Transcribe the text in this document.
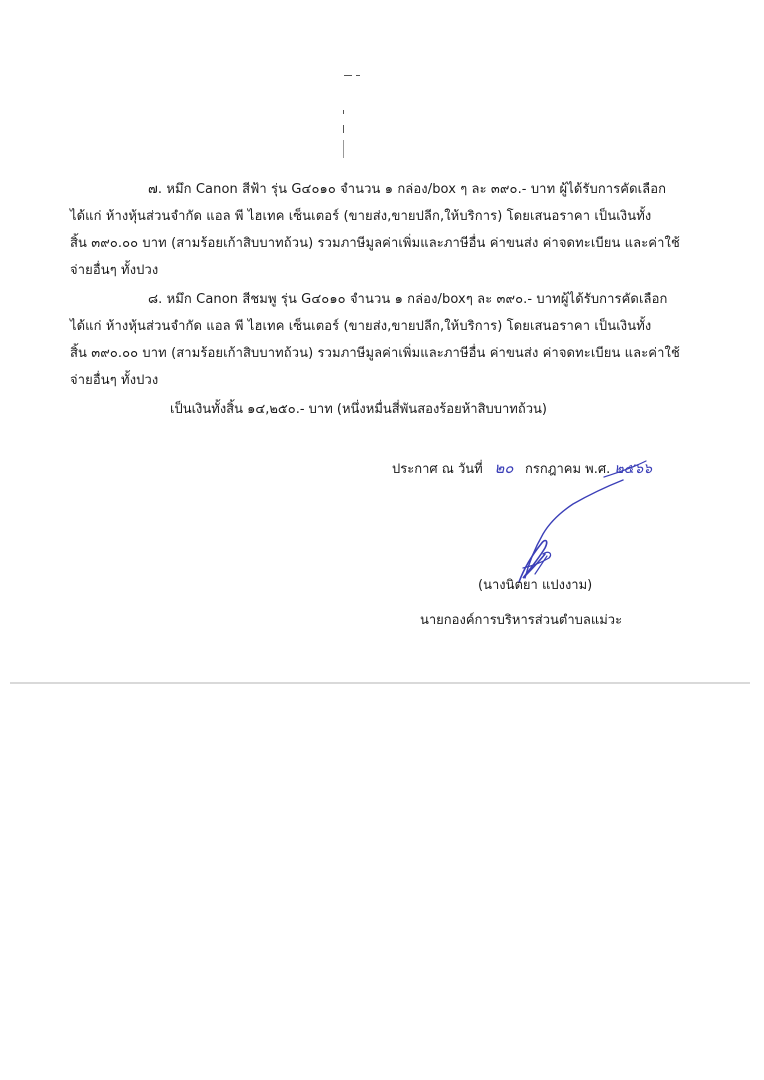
๗. หมึก Canon สีฟ้า รุ่น G๔๐๑๐ จำนวน ๑ กล่อง/box ๆ ละ ๓๙๐.- บาท ผู้ได้รับการคัดเลือก
ได้แก่ ห้างหุ้นส่วนจำกัด แอล พี ไฮเทค เซ็นเตอร์ (ขายส่ง,ขายปลีก,ให้บริการ) โดยเสนอราคา เป็นเงินทั้ง
สิ้น ๓๙๐.๐๐ บาท (สามร้อยเก้าสิบบาทถ้วน) รวมภาษีมูลค่าเพิ่มและภาษีอื่น ค่าขนส่ง ค่าจดทะเบียน และค่าใช้
จ่ายอื่นๆ ทั้งปวง
๘. หมึก Canon สีชมพู รุ่น G๔๐๑๐ จำนวน ๑ กล่อง/boxๆ ละ ๓๙๐.- บาทผู้ได้รับการคัดเลือก
ได้แก่ ห้างหุ้นส่วนจำกัด แอล พี ไฮเทค เซ็นเตอร์ (ขายส่ง,ขายปลีก,ให้บริการ) โดยเสนอราคา เป็นเงินทั้ง
สิ้น ๓๙๐.๐๐ บาท (สามร้อยเก้าสิบบาทถ้วน) รวมภาษีมูลค่าเพิ่มและภาษีอื่น ค่าขนส่ง ค่าจดทะเบียน และค่าใช้
จ่ายอื่นๆ ทั้งปวง
เป็นเงินทั้งสิ้น ๑๔,๒๕๐.- บาท (หนึ่งหมื่นสี่พันสองร้อยห้าสิบบาทถ้วน)
ประกาศ ณ วันที่ ๒๐ กรกฎาคม พ.ศ. ๒๕๖๖
(นางนิตยา แปงงาม)
นายกองค์การบริหารส่วนตำบลแม่วะ
